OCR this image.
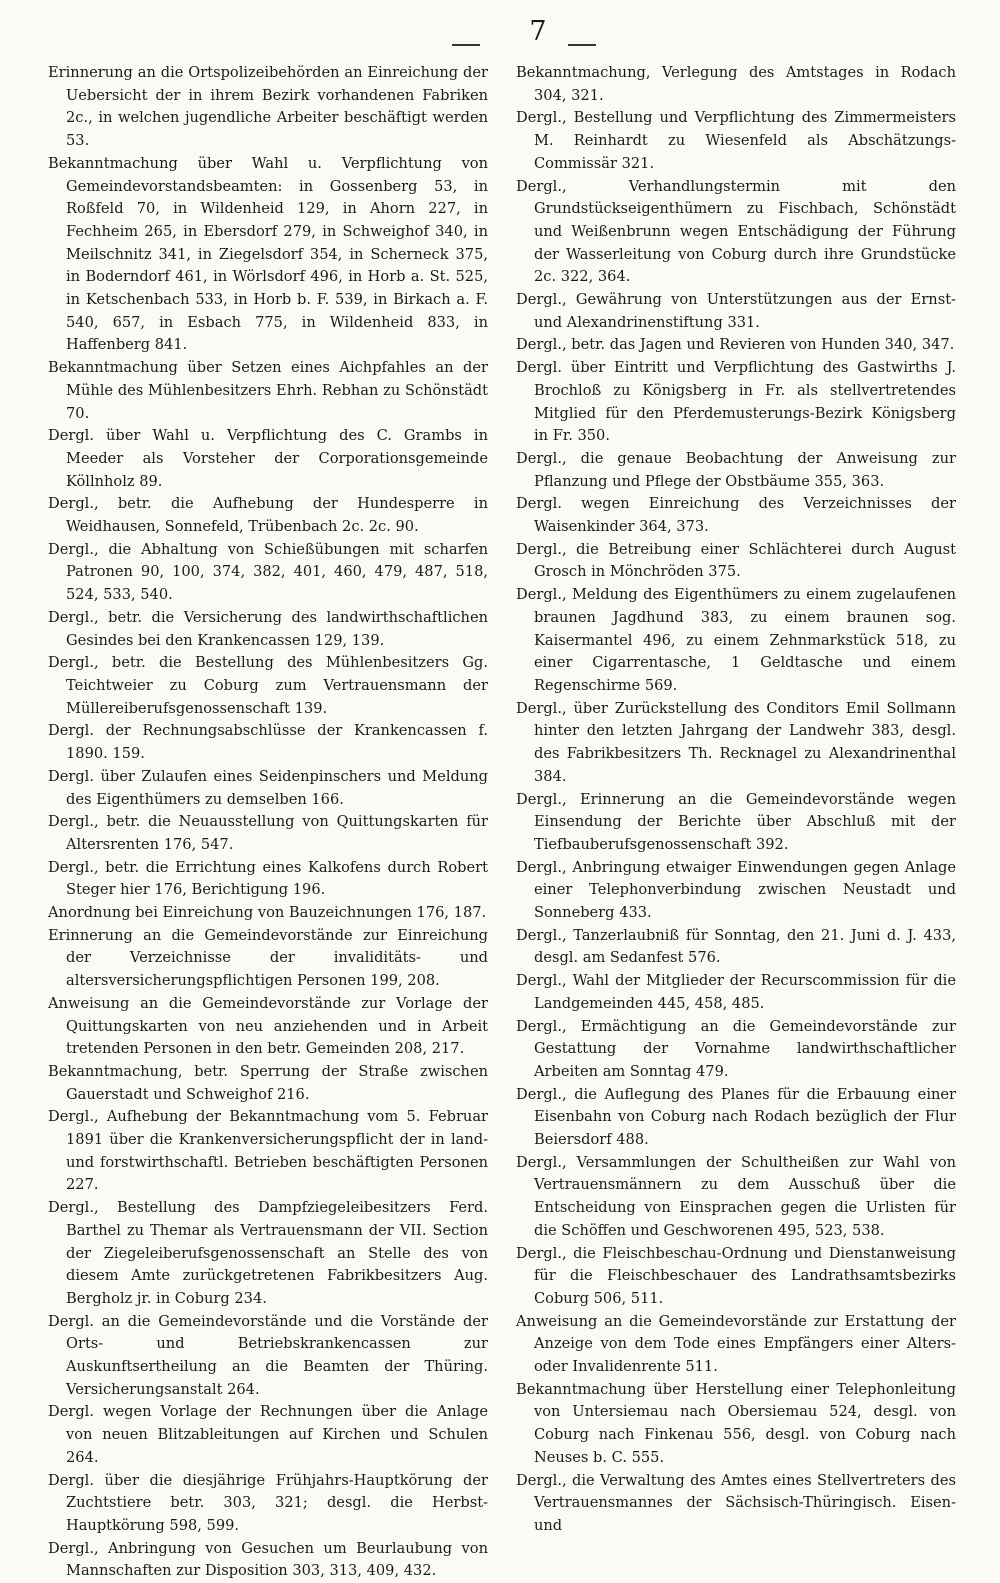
7

Erinnerung an die Ortspolizeibehörden an Einreichung der Uebersicht der in ihrem Bezirk vorhandenen Fabriken 2c., in welchen jugendliche Arbeiter beschäftigt werden 53.

Bekanntmachung über Wahl u. Verpflichtung von Gemeindevorstandsbeamten: in Gossenberg 53, in Roßfeld 70, in Wildenheid 129, in Ahorn 227, in Fechheim 265, in Ebersdorf 279, in Schweighof 340, in Meilschnitz 341, in Ziegelsdorf 354, in Scherneck 375, in Boderndorf 461, in Wörlsdorf 496, in Horb a. St. 525, in Ketschenbach 533, in Horb b. F. 539, in Birkach a. F. 540, 657, in Esbach 775, in Wildenheid 833, in Haffenberg 841.

Bekanntmachung über Setzen eines Aichpfahles an der Mühle des Mühlenbesitzers Ehrh. Rebhan zu Schönstädt 70.

Dergl. über Wahl u. Verpflichtung des C. Grambs in Meeder als Vorsteher der Corporationsgemeinde Köllnholz 89.

Dergl., betr. die Aufhebung der Hundesperre in Weidhausen, Sonnefeld, Trübenbach 2c. 2c. 90.

Dergl., die Abhaltung von Schießübungen mit scharfen Patronen 90, 100, 374, 382, 401, 460, 479, 487, 518, 524, 533, 540.

Dergl., betr. die Versicherung des landwirthschaftlichen Gesindes bei den Krankencassen 129, 139.

Dergl., betr. die Bestellung des Mühlenbesitzers Gg. Teichtweier zu Coburg zum Vertrauensmann der Müllereiberufsgenossenschaft 139.

Dergl. der Rechnungsabschlüsse der Krankencassen f. 1890. 159.

Dergl. über Zulaufen eines Seidenpinschers und Meldung des Eigenthümers zu demselben 166.

Dergl., betr. die Neuausstellung von Quittungskarten für Altersrenten 176, 547.

Dergl., betr. die Errichtung eines Kalkofens durch Robert Steger hier 176, Berichtigung 196.

Anordnung bei Einreichung von Bauzeichnungen 176, 187.

Erinnerung an die Gemeindevorstände zur Einreichung der Verzeichnisse der invaliditäts- und altersversicherungspflichtigen Personen 199, 208.

Anweisung an die Gemeindevorstände zur Vorlage der Quittungskarten von neu anziehenden und in Arbeit tretenden Personen in den betr. Gemeinden 208, 217.

Bekanntmachung, betr. Sperrung der Straße zwischen Gauerstadt und Schweighof 216.

Dergl., Aufhebung der Bekanntmachung vom 5. Februar 1891 über die Krankenversicherungspflicht der in land- und forstwirthschaftl. Betrieben beschäftigten Personen 227.

Dergl., Bestellung des Dampfziegeleibesitzers Ferd. Barthel zu Themar als Vertrauensmann der VII. Section der Ziegeleiberufsgenossenschaft an Stelle des von diesem Amte zurückgetretenen Fabrikbesitzers Aug. Bergholz jr. in Coburg 234.

Dergl. an die Gemeindevorstände und die Vorstände der Orts- und Betriebskrankencassen zur Auskunftsertheilung an die Beamten der Thüring. Versicherungsanstalt 264.

Dergl. wegen Vorlage der Rechnungen über die Anlage von neuen Blitzableitungen auf Kirchen und Schulen 264.

Dergl. über die diesjährige Frühjahrs-Hauptkörung der Zuchtstiere betr. 303, 321; desgl. die Herbst-Hauptkörung 598, 599.

Dergl., Anbringung von Gesuchen um Beurlaubung von Mannschaften zur Disposition 303, 313, 409, 432.

Bekanntmachung, Verlegung des Amtstages in Rodach 304, 321.

Dergl., Bestellung und Verpflichtung des Zimmermeisters M. Reinhardt zu Wiesenfeld als Abschätzungs-Commissär 321.

Dergl., Verhandlungstermin mit den Grundstückseigenthümern zu Fischbach, Schönstädt und Weißenbrunn wegen Entschädigung der Führung der Wasserleitung von Coburg durch ihre Grundstücke 2c. 322, 364.

Dergl., Gewährung von Unterstützungen aus der Ernst- und Alexandrinenstiftung 331.

Dergl., betr. das Jagen und Revieren von Hunden 340, 347.

Dergl. über Eintritt und Verpflichtung des Gastwirths J. Brochloß zu Königsberg in Fr. als stellvertretendes Mitglied für den Pferdemusterungs-Bezirk Königsberg in Fr. 350.

Dergl., die genaue Beobachtung der Anweisung zur Pflanzung und Pflege der Obstbäume 355, 363.

Dergl. wegen Einreichung des Verzeichnisses der Waisenkinder 364, 373.

Dergl., die Betreibung einer Schlächterei durch August Grosch in Mönchröden 375.

Dergl., Meldung des Eigenthümers zu einem zugelaufenen braunen Jagdhund 383, zu einem braunen sog. Kaisermantel 496, zu einem Zehnmarkstück 518, zu einer Cigarrentasche, 1 Geldtasche und einem Regenschirme 569.

Dergl., über Zurückstellung des Conditors Emil Sollmann hinter den letzten Jahrgang der Landwehr 383, desgl. des Fabrikbesitzers Th. Recknagel zu Alexandrinenthal 384.

Dergl., Erinnerung an die Gemeindevorstände wegen Einsendung der Berichte über Abschluß mit der Tiefbauberufsgenossenschaft 392.

Dergl., Anbringung etwaiger Einwendungen gegen Anlage einer Telephonverbindung zwischen Neustadt und Sonneberg 433.

Dergl., Tanzerlaubniß für Sonntag, den 21. Juni d. J. 433, desgl. am Sedanfest 576.

Dergl., Wahl der Mitglieder der Recurscommission für die Landgemeinden 445, 458, 485.

Dergl., Ermächtigung an die Gemeindevorstände zur Gestattung der Vornahme landwirthschaftlicher Arbeiten am Sonntag 479.

Dergl., die Auflegung des Planes für die Erbauung einer Eisenbahn von Coburg nach Rodach bezüglich der Flur Beiersdorf 488.

Dergl., Versammlungen der Schultheißen zur Wahl von Vertrauensmännern zu dem Ausschuß über die Entscheidung von Einsprachen gegen die Urlisten für die Schöffen und Geschworenen 495, 523, 538.

Dergl., die Fleischbeschau-Ordnung und Dienstanweisung für die Fleischbeschauer des Landrathsamtsbezirks Coburg 506, 511.

Anweisung an die Gemeindevorstände zur Erstattung der Anzeige von dem Tode eines Empfängers einer Alters- oder Invalidenrente 511.

Bekanntmachung über Herstellung einer Telephonleitung von Untersiemau nach Obersiemau 524, desgl. von Coburg nach Finkenau 556, desgl. von Coburg nach Neuses b. C. 555.

Dergl., die Verwaltung des Amtes eines Stellvertreters des Vertrauensmannes der Sächsisch-Thüringisch. Eisen- und
